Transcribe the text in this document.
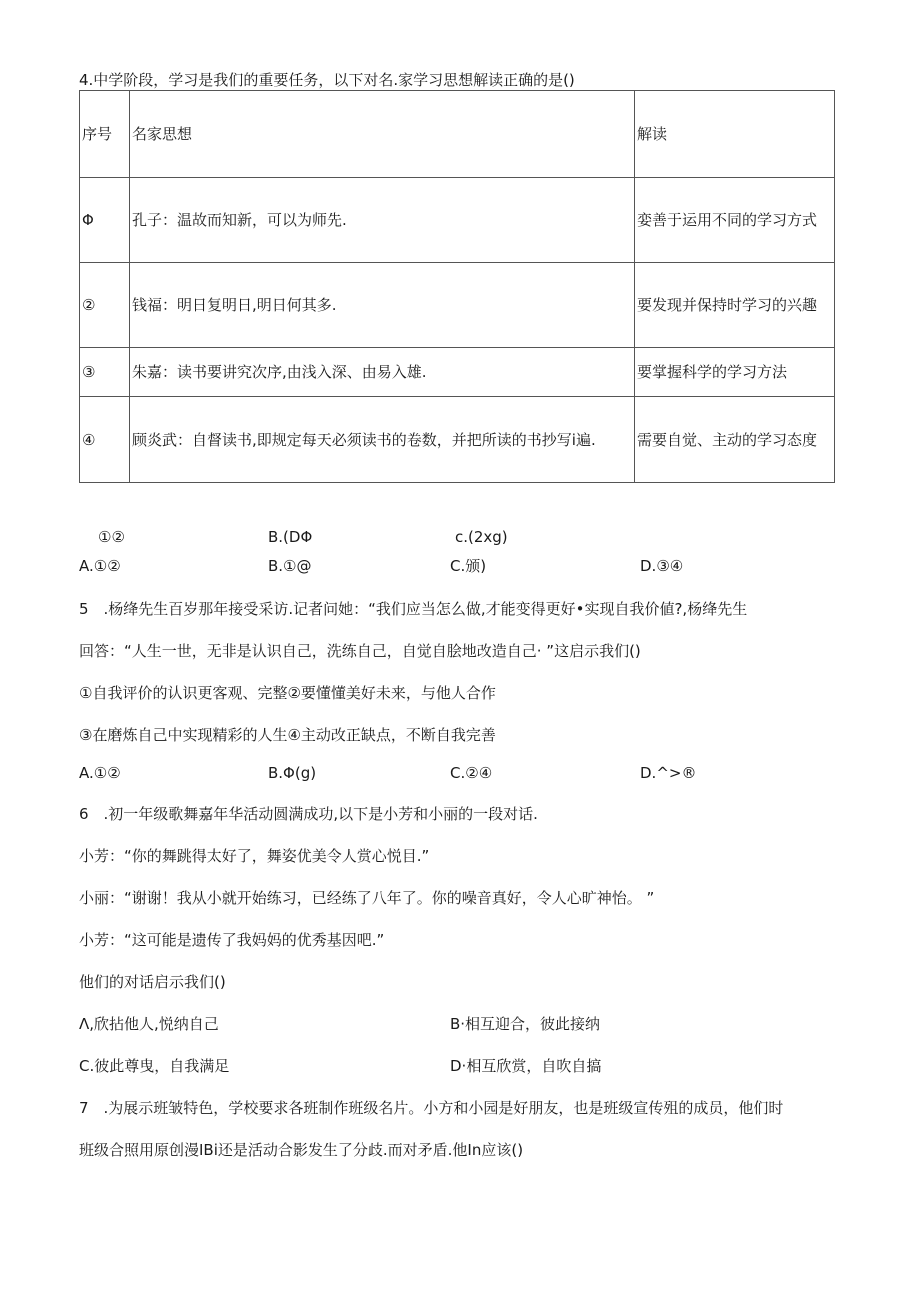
4.中学阶段，学习是我们的重要任务，以下对名.家学习思想解读正确的是()
序号	名家思想	解读
Φ	孔子：温故而知新，可以为师先.	娈善于运用不同的学习方式
②	钱福：明日复明日,明日何其多.	要发现并保持时学习的兴趣
③	朱嘉：读书要讲究次序,由浅入深、由易入雄.	要掌握科学的学习方法
④	顾炎武：自督读书,即规定每天必须读书的卷数，并把所读的书抄写i遍.	需要自觉、主动的学习态度
①②	B.(DΦ	c.(2xg)
A.①②	B.①@	C.颁)	D.③④
5　.杨绛先生百岁那年接受采访.记者问她：“我们应当怎么做,才能变得更好•实现自我价値?,杨绛先生
回答：“人生一世，无非是认识自己，洗练自己，自觉自脍地改造自己· ”这启示我们()
①自我评价的认识更客观、完整②要懂懂美好未来，与他人合作
③在磨炼自己中实现精彩的人生④主动改正缺点，不断自我完善
A.①②	B.Φ(g)	C.②④	D.^>®
6　.初一年级歌舞嘉年华活动圆满成功,以下是小芳和小丽的一段对话.
小芳：“你的舞跳得太好了，舞姿优美令人赏心悦目.”
小丽：“谢谢！我从小就开始练习，已经练了八年了。你的噪音真好，令人心旷神怡。 ”
小芳：“这可能是遗传了我妈妈的优秀基因吧.”
他们的对话启示我们()
Λ,欣拈他人,悦纳自己	B·相互迎合，彼此接纳
C.彼此尊曳，自我满足	D·相互欣赏，自吹自搞
7　.为展示班皱特色，学校要求各班制作班级名片。小方和小园是好朋友，也是班级宣传殂的成员，他们时
班级合照用原创漫IBi还是活动合影发生了分歧.而对矛盾.他In应该()
